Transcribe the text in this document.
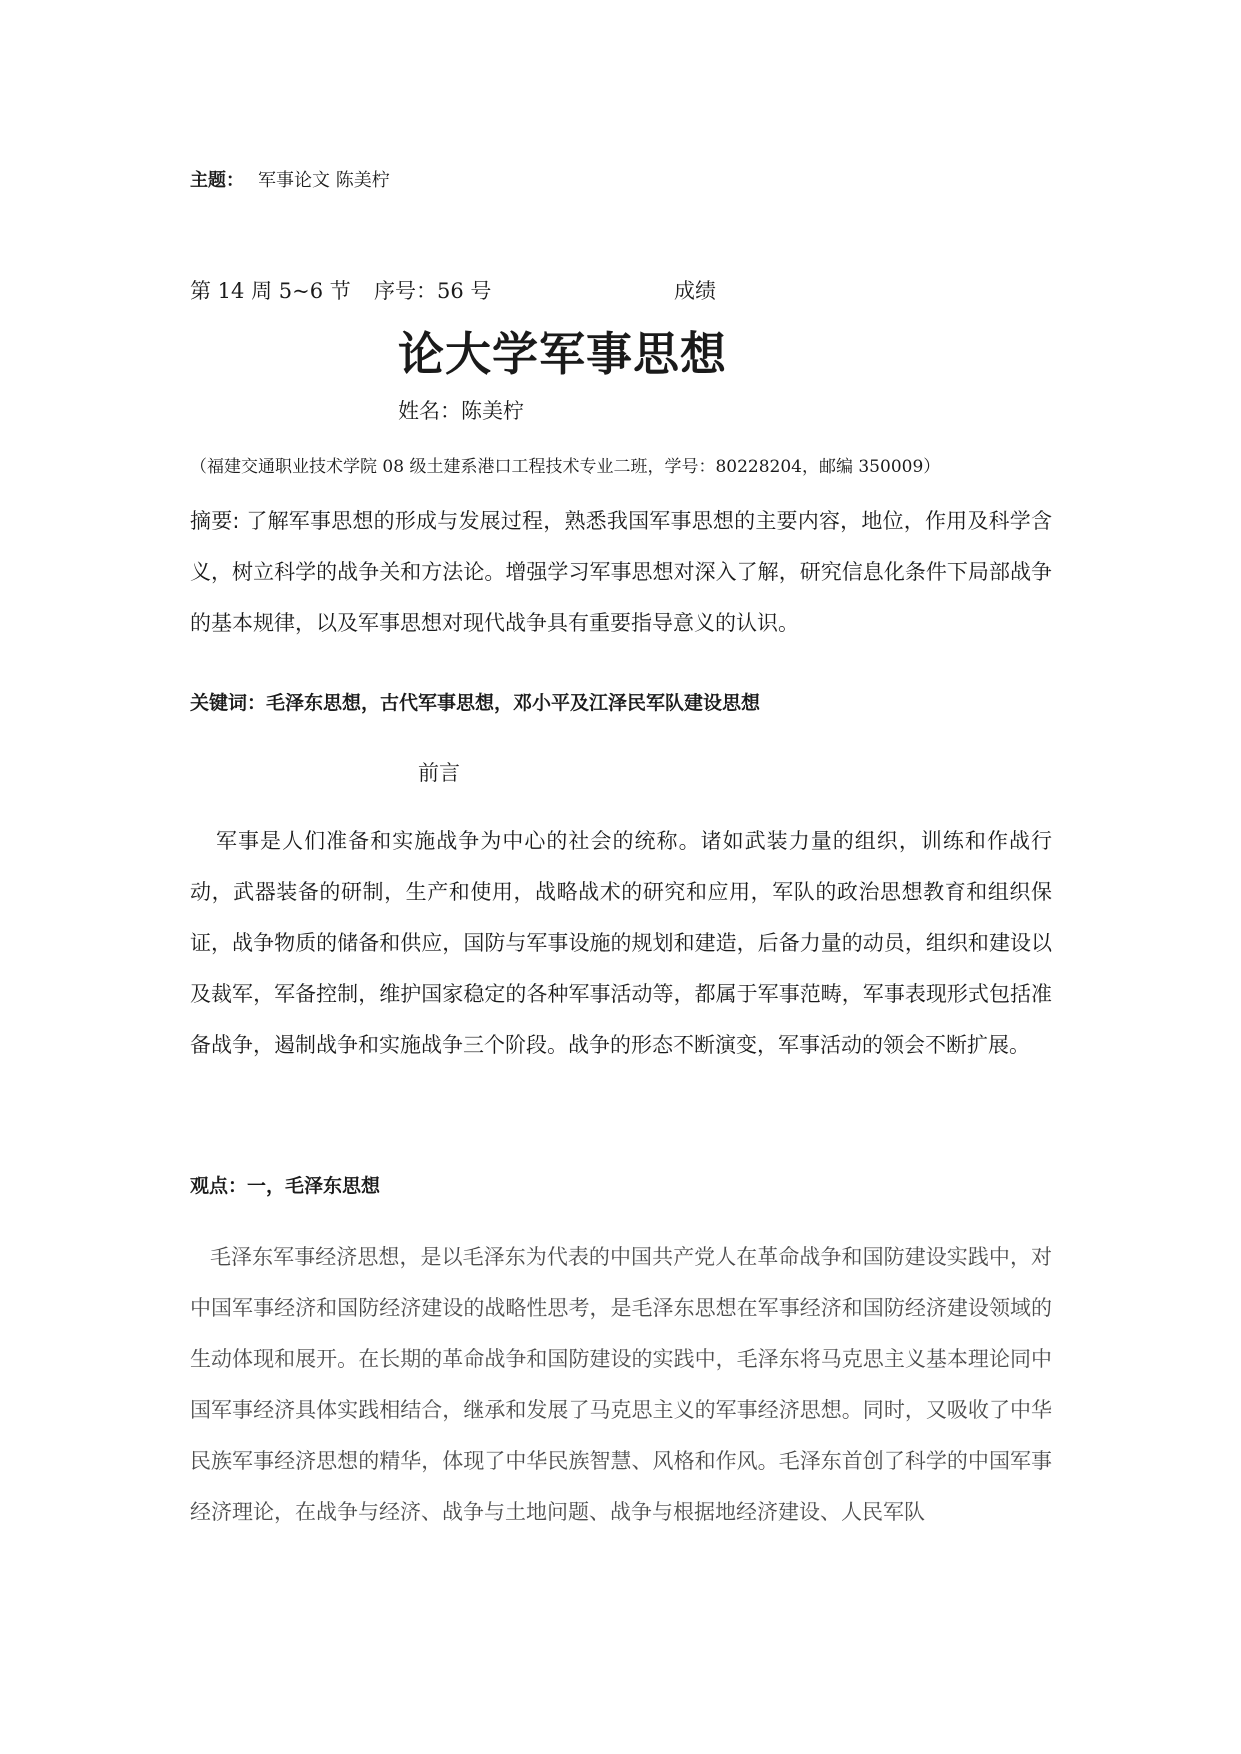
主题： 军事论文 陈美柠
第 14 周 5~6 节 序号：56 号	成绩
论大学军事思想
姓名：陈美柠
（福建交通职业技术学院 08 级土建系港口工程技术专业二班，学号：80228204，邮编 350009）

摘要: 了解军事思想的形成与发展过程，熟悉我国军事思想的主要内容，地位，作用及科学含义，树立科学的战争关和方法论。增强学习军事思想对深入了解，研究信息化条件下局部战争的基本规律，以及军事思想对现代战争具有重要指导意义的认识。

关键词：毛泽东思想，古代军事思想，邓小平及江泽民军队建设思想
前言

军事是人们准备和实施战争为中心的社会的统称。诸如武装力量的组织，训练和作战行动，武器装备的研制，生产和使用，战略战术的研究和应用，军队的政治思想教育和组织保证，战争物质的储备和供应，国防与军事设施的规划和建造，后备力量的动员，组织和建设以及裁军，军备控制，维护国家稳定的各种军事活动等，都属于军事范畴，军事表现形式包括准备战争，遏制战争和实施战争三个阶段。战争的形态不断演变，军事活动的领会不断扩展。

观点：一，毛泽东思想

毛泽东军事经济思想，是以毛泽东为代表的中国共产党人在革命战争和国防建设实践中，对中国军事经济和国防经济建设的战略性思考，是毛泽东思想在军事经济和国防经济建设领域的生动体现和展开。在长期的革命战争和国防建设的实践中，毛泽东将马克思主义基本理论同中国军事经济具体实践相结合，继承和发展了马克思主义的军事经济思想。同时，又吸收了中华民族军事经济思想的精华，体现了中华民族智慧、风格和作风。毛泽东首创了科学的中国军事经济理论，在战争与经济、战争与土地问题、战争与根据地经济建设、人民军队
